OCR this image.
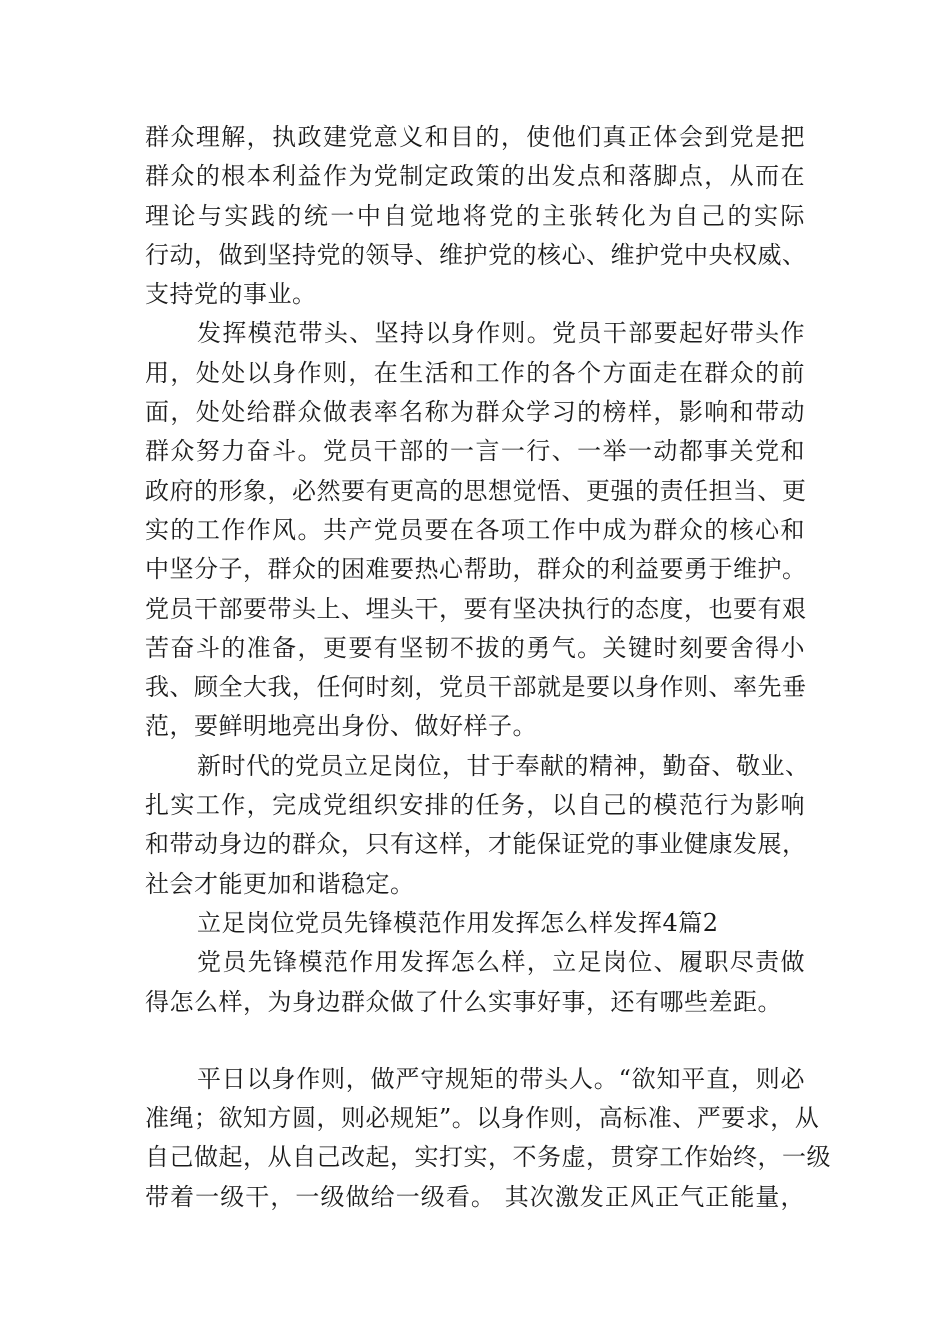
群众理解，执政建党意义和目的，使他们真正体会到党是把
群众的根本利益作为党制定政策的出发点和落脚点，从而在
理论与实践的统一中自觉地将党的主张转化为自己的实际
行动，做到坚持党的领导、维护党的核心、维护党中央权威、
支持党的事业。
发挥模范带头、坚持以身作则。党员干部要起好带头作
用，处处以身作则，在生活和工作的各个方面走在群众的前
面，处处给群众做表率名称为群众学习的榜样，影响和带动
群众努力奋斗。党员干部的一言一行、一举一动都事关党和
政府的形象，必然要有更高的思想觉悟、更强的责任担当、更
实的工作作风。共产党员要在各项工作中成为群众的核心和
中坚分子，群众的困难要热心帮助，群众的利益要勇于维护。
党员干部要带头上、埋头干，要有坚决执行的态度，也要有艰
苦奋斗的准备，更要有坚韧不拔的勇气。关键时刻要舍得小
我、顾全大我，任何时刻，党员干部就是要以身作则、率先垂
范，要鲜明地亮出身份、做好样子。
新时代的党员立足岗位，甘于奉献的精神，勤奋、敬业、
扎实工作，完成党组织安排的任务，以自己的模范行为影响
和带动身边的群众，只有这样，才能保证党的事业健康发展，
社会才能更加和谐稳定。
立足岗位党员先锋模范作用发挥怎么样发挥4篇2
党员先锋模范作用发挥怎么样，立足岗位、履职尽责做
得怎么样，为身边群众做了什么实事好事，还有哪些差距。
平日以身作则，做严守规矩的带头人。“欲知平直，则必
准绳；欲知方圆，则必规矩”。以身作则，高标准、严要求，从
自己做起，从自己改起，实打实，不务虚，贯穿工作始终，一级
带着一级干，一级做给一级看。 其次激发正风正气正能量，
